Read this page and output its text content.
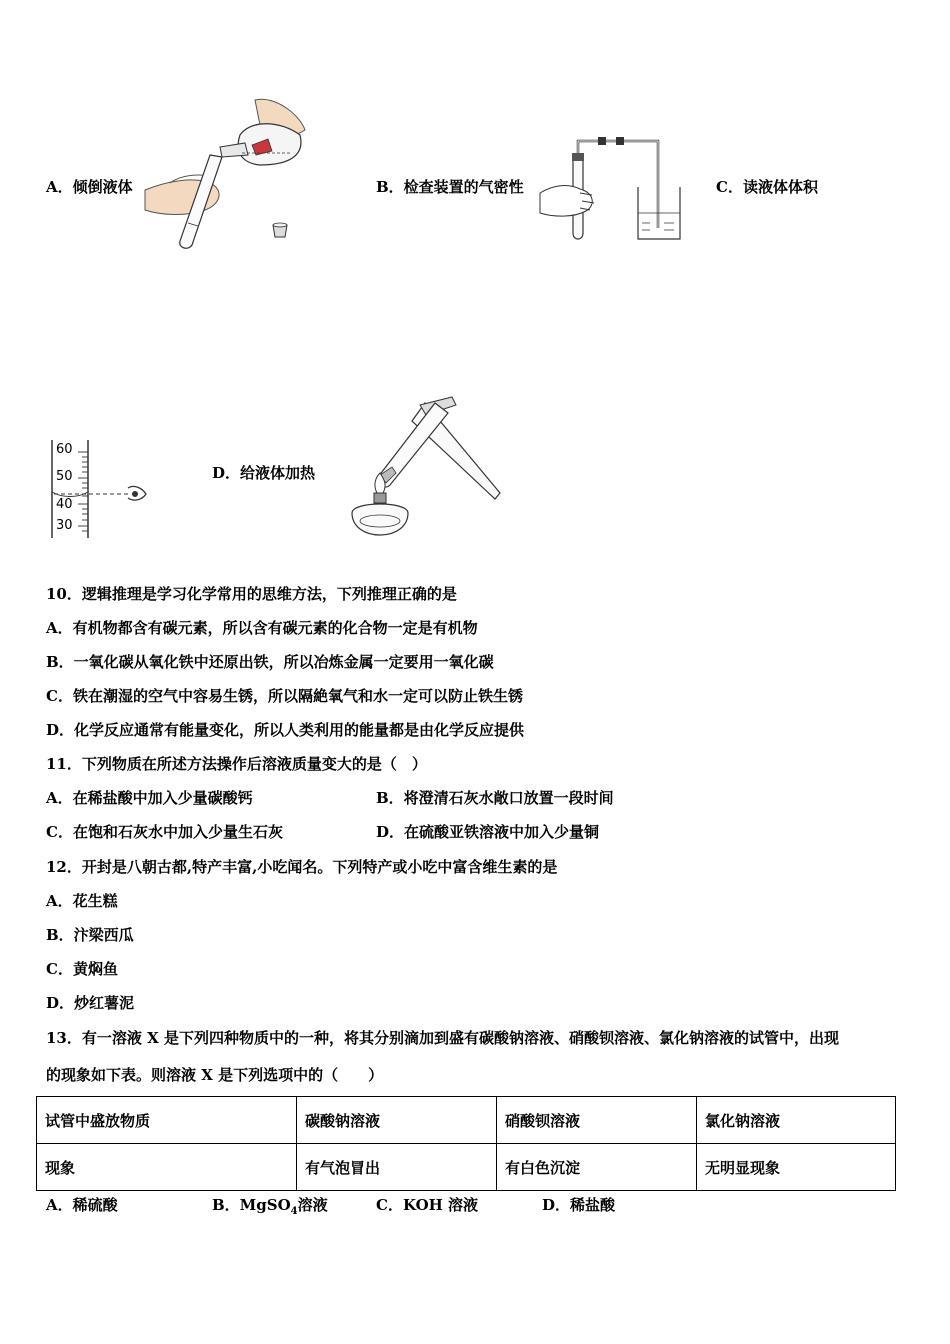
A．倾倒液体	B．检查装置的气密性	C．读液体体积
60
50
40
30
D．给液体加热
10．逻辑推理是学习化学常用的思维方法，下列推理正确的是
A．有机物都含有碳元素，所以含有碳元素的化合物一定是有机物
B．一氧化碳从氧化铁中还原出铁，所以冶炼金属一定要用一氧化碳
C．铁在潮湿的空气中容易生锈，所以隔絶氧气和水一定可以防止铁生锈
D．化学反应通常有能量变化，所以人类利用的能量都是由化学反应提供
11．下列物质在所述方法操作后溶液质量变大的是（　）
A．在稀盐酸中加入少量碳酸钙	B．将澄清石灰水敞口放置一段时间
C．在饱和石灰水中加入少量生石灰	D．在硫酸亚铁溶液中加入少量铜
12．开封是八朝古都,特产丰富,小吃闻名。下列特产或小吃中富含维生素的是
A．花生糕
B．汴梁西瓜
C．黄焖鱼
D．炒红薯泥
13．有一溶液 X 是下列四种物质中的一种，将其分别滴加到盛有碳酸钠溶液、硝酸钡溶液、氯化钠溶液的试管中，出现
的现象如下表。则溶液 X 是下列选项中的（　　）
试管中盛放物质	碳酸钠溶液	硝酸钡溶液	氯化钠溶液
现象	有气泡冒出	有白色沉淀	无明显现象
A．稀硫酸	B．MgSO$_4$溶液	C．KOH 溶液	D．稀盐酸
